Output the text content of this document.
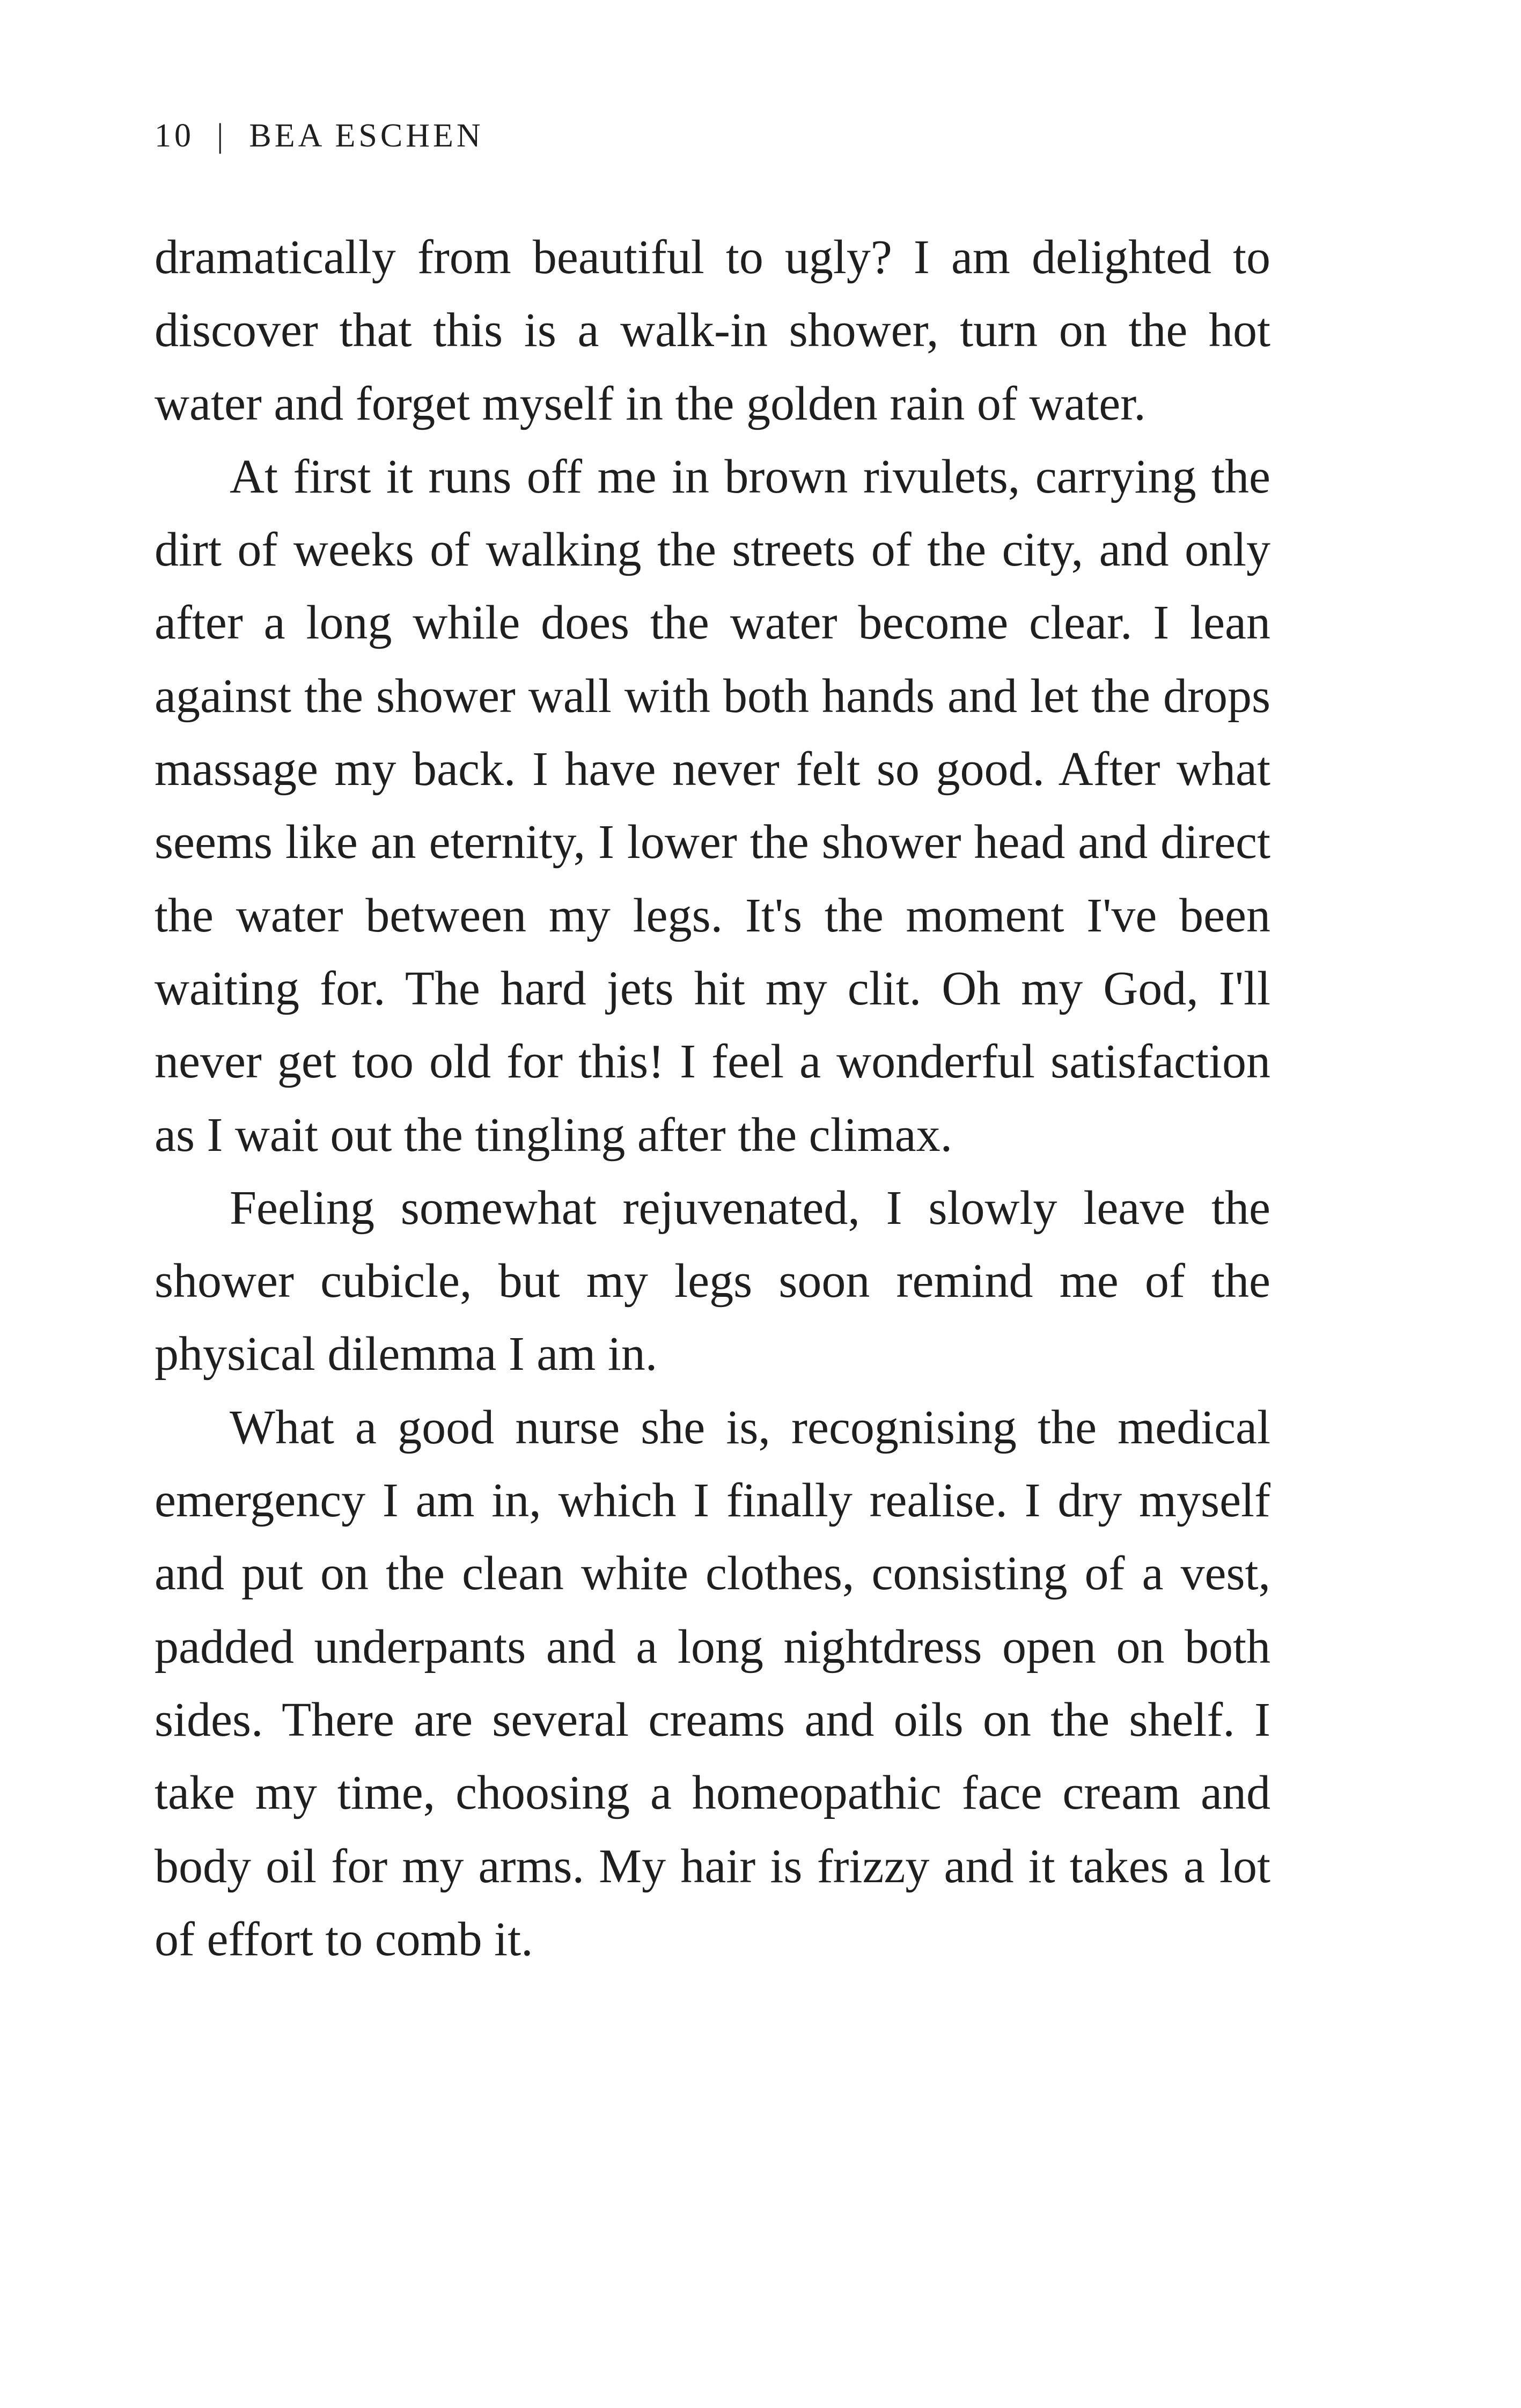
10 | BEA ESCHEN

dramatically from beautiful to ugly? I am delighted to discover that this is a walk-in shower, turn on the hot water and forget myself in the golden rain of water.

At first it runs off me in brown rivulets, carrying the dirt of weeks of walking the streets of the city, and only after a long while does the water become clear. I lean against the shower wall with both hands and let the drops massage my back. I have never felt so good. After what seems like an eternity, I lower the shower head and direct the water between my legs. It's the moment I've been waiting for. The hard jets hit my clit. Oh my God, I'll never get too old for this! I feel a wonderful satisfaction as I wait out the tingling after the climax.

Feeling somewhat rejuvenated, I slowly leave the shower cubicle, but my legs soon remind me of the physical dilemma I am in.

What a good nurse she is, recognising the medical emergency I am in, which I finally realise. I dry myself and put on the clean white clothes, consisting of a vest, padded underpants and a long nightdress open on both sides. There are several creams and oils on the shelf. I take my time, choosing a homeopathic face cream and body oil for my arms. My hair is frizzy and it takes a lot of effort to comb it.
